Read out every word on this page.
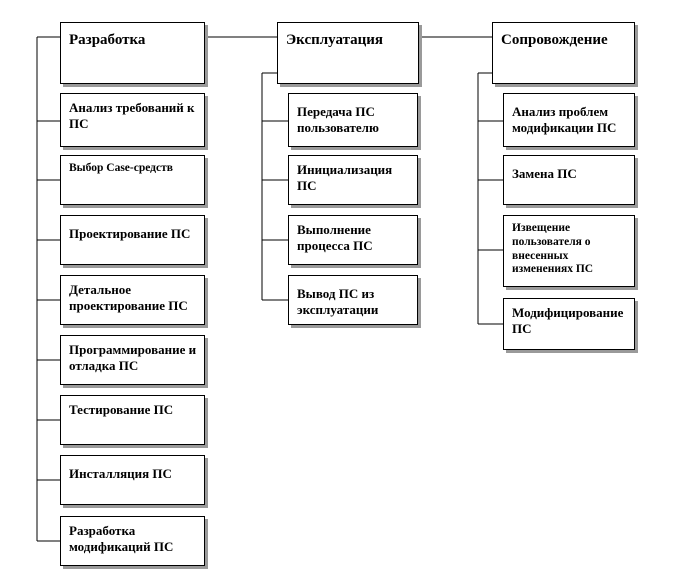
Разработка
Анализ требований к ПС
Выбор Case-средств
Проектирование ПС
Детальное проектирование ПС
Программирование и отладка ПС
Тестирование ПС
Инсталляция ПС
Разработка модификаций ПС
Эксплуатация
Передача ПС пользователю
Инициализация ПС
Выполнение процесса ПС
Вывод ПС из эксплуатации
Сопровождение
Анализ проблем модификации ПС
Замена ПС
Извещение пользователя о внесенных изменениях ПС
Модифицирование ПС
